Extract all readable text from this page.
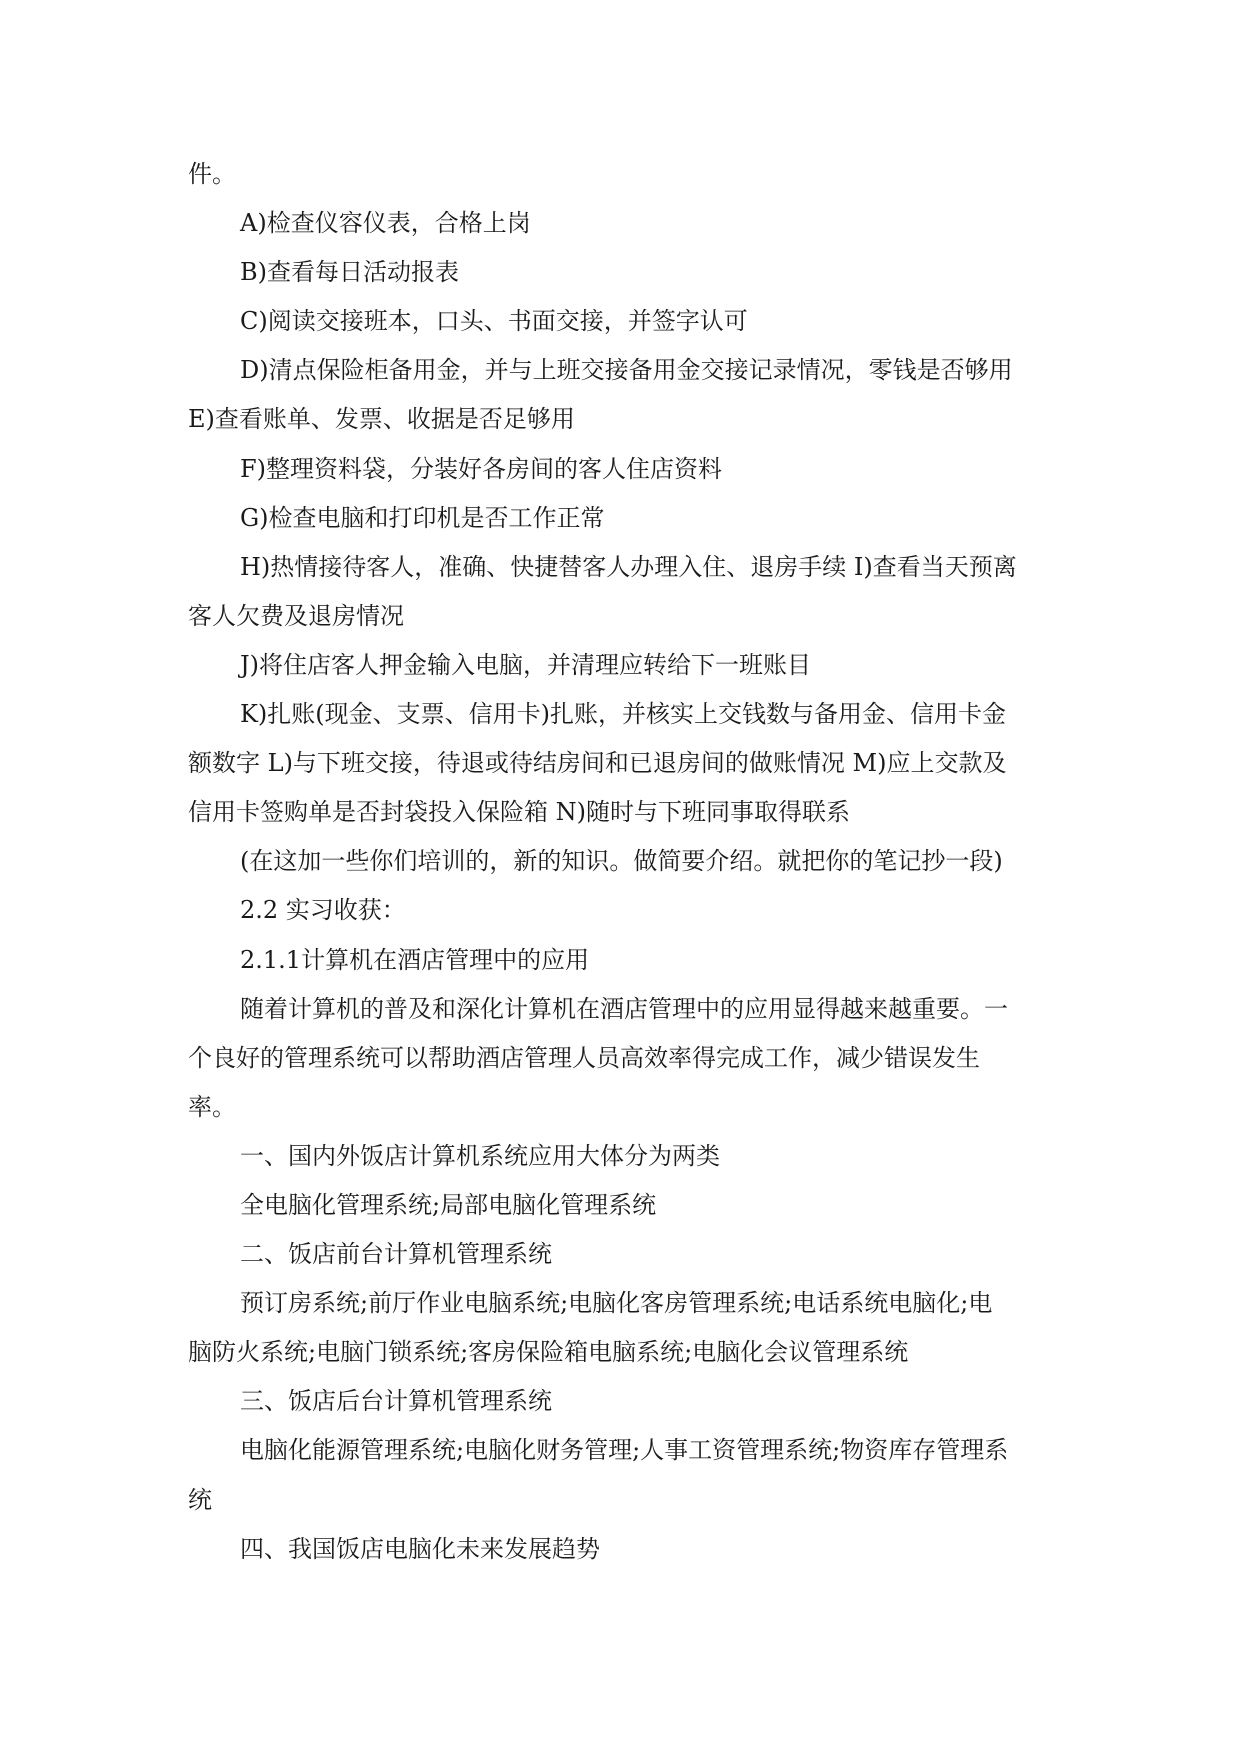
件。
A)检查仪容仪表，合格上岗
B)查看每日活动报表
C)阅读交接班本，口头、书面交接，并签字认可
D)清点保险柜备用金，并与上班交接备用金交接记录情况，零钱是否够用
E)查看账单、发票、收据是否足够用
F)整理资料袋，分装好各房间的客人住店资料
G)检查电脑和打印机是否工作正常
H)热情接待客人，准确、快捷替客人办理入住、退房手续 I)查看当天预离
客人欠费及退房情况
J)将住店客人押金输入电脑，并清理应转给下一班账目
K)扎账(现金、支票、信用卡)扎账，并核实上交钱数与备用金、信用卡金
额数字 L)与下班交接，待退或待结房间和已退房间的做账情况 M)应上交款及
信用卡签购单是否封袋投入保险箱 N)随时与下班同事取得联系
(在这加一些你们培训的，新的知识。做简要介绍。就把你的笔记抄一段)
2.2 实习收获：
2.1.1计算机在酒店管理中的应用
随着计算机的普及和深化计算机在酒店管理中的应用显得越来越重要。一
个良好的管理系统可以帮助酒店管理人员高效率得完成工作，减少错误发生
率。
一、国内外饭店计算机系统应用大体分为两类
全电脑化管理系统;局部电脑化管理系统
二、饭店前台计算机管理系统
预订房系统;前厅作业电脑系统;电脑化客房管理系统;电话系统电脑化;电
脑防火系统;电脑门锁系统;客房保险箱电脑系统;电脑化会议管理系统
三、饭店后台计算机管理系统
电脑化能源管理系统;电脑化财务管理;人事工资管理系统;物资库存管理系
统
四、我国饭店电脑化未来发展趋势
